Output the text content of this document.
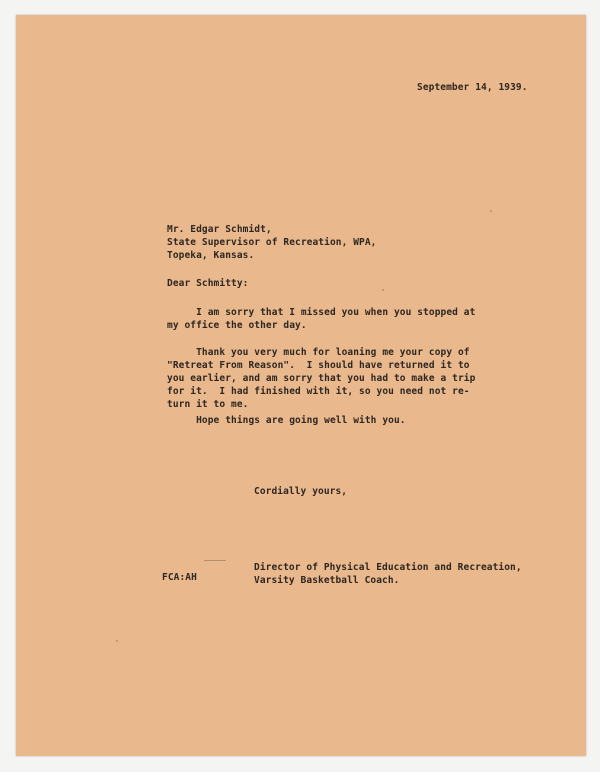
September 14, 1939.
Mr. Edgar Schmidt,
State Supervisor of Recreation, WPA,
Topeka, Kansas.
Dear Schmitty:
I am sorry that I missed you when you stopped at
my office the other day.
Thank you very much for loaning me your copy of
"Retreat From Reason".  I should have returned it to
you earlier, and am sorry that you had to make a trip
for it.  I had finished with it, so you need not re-
turn it to me.
Hope things are going well with you.
Cordially yours,
Director of Physical Education and Recreation,
Varsity Basketball Coach.
FCA:AH
